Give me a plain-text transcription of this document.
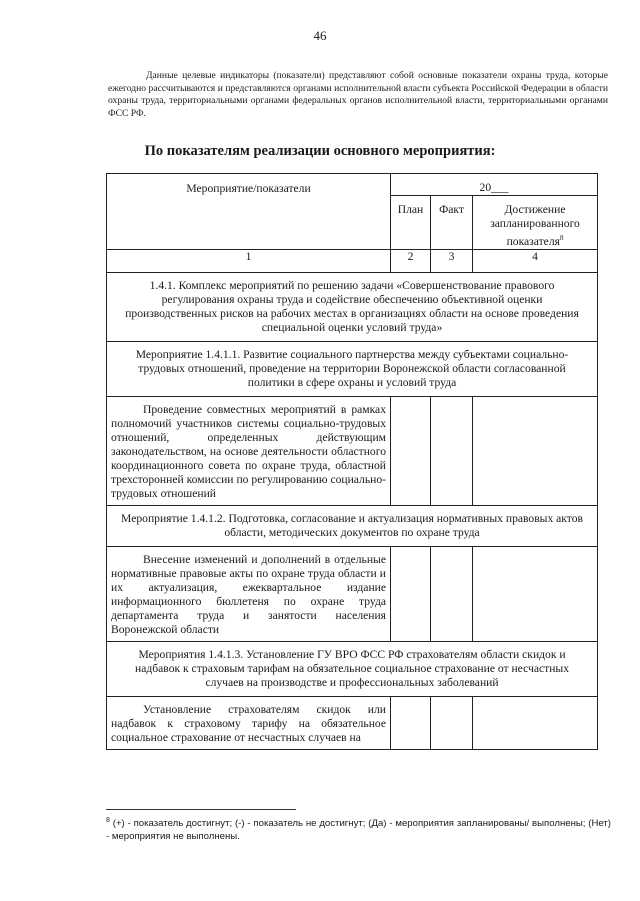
46
Данные целевые индикаторы (показатели) представляют собой основные показатели охраны труда, которые ежегодно рассчитываются и представляются органами исполнительной власти субъекта Российской Федерации в области охраны труда, территориальными органами федеральных органов исполнительной власти, территориальными органами ФСС РФ.
По показателям реализации основного мероприятия:
Мероприятие/показатели	20___		
	План	Факт	Достижение запланированного показателя$^8$
1	2	3	4
1.4.1. Комплекс мероприятий по решению задачи «Совершенствование правового регулирования охраны труда и содействие обеспечению объективной оценки производственных рисков на рабочих местах в организациях области на основе проведения специальной оценки условий труда»			
Мероприятие 1.4.1.1. Развитие социального партнерства между субъектами социально-трудовых отношений, проведение на территории Воронежской области согласованной политики в сфере охраны и условий труда			
Проведение совместных мероприятий в рамках полномочий участников системы социально-трудовых отношений, определенных действующим законодательством, на основе деятельности областного координационного совета по охране труда, областной трехсторонней комиссии по регулированию социально-трудовых отношений			
Мероприятие 1.4.1.2. Подготовка, согласование и актуализация нормативных правовых актов области, методических документов по охране труда			
Внесение изменений и дополнений в отдельные нормативные правовые акты по охране труда области и их актуализация, ежеквартальное издание информационного бюллетеня по охране труда департамента труда и занятости населения Воронежской области			
Мероприятия 1.4.1.3. Установление ГУ ВРО ФСС РФ страхователям области скидок и надбавок к страховым тарифам на обязательное социальное страхование от несчастных случаев на производстве и профессиональных заболеваний			
Установление страхователям скидок или надбавок к страховому тарифу на обязательное социальное страхование от несчастных случаев на			
$^8$ (+) - показатель достигнут; (-) - показатель не достигнут; (Да) - мероприятия запланированы/ выполнены; (Нет) - мероприятия не выполнены.
